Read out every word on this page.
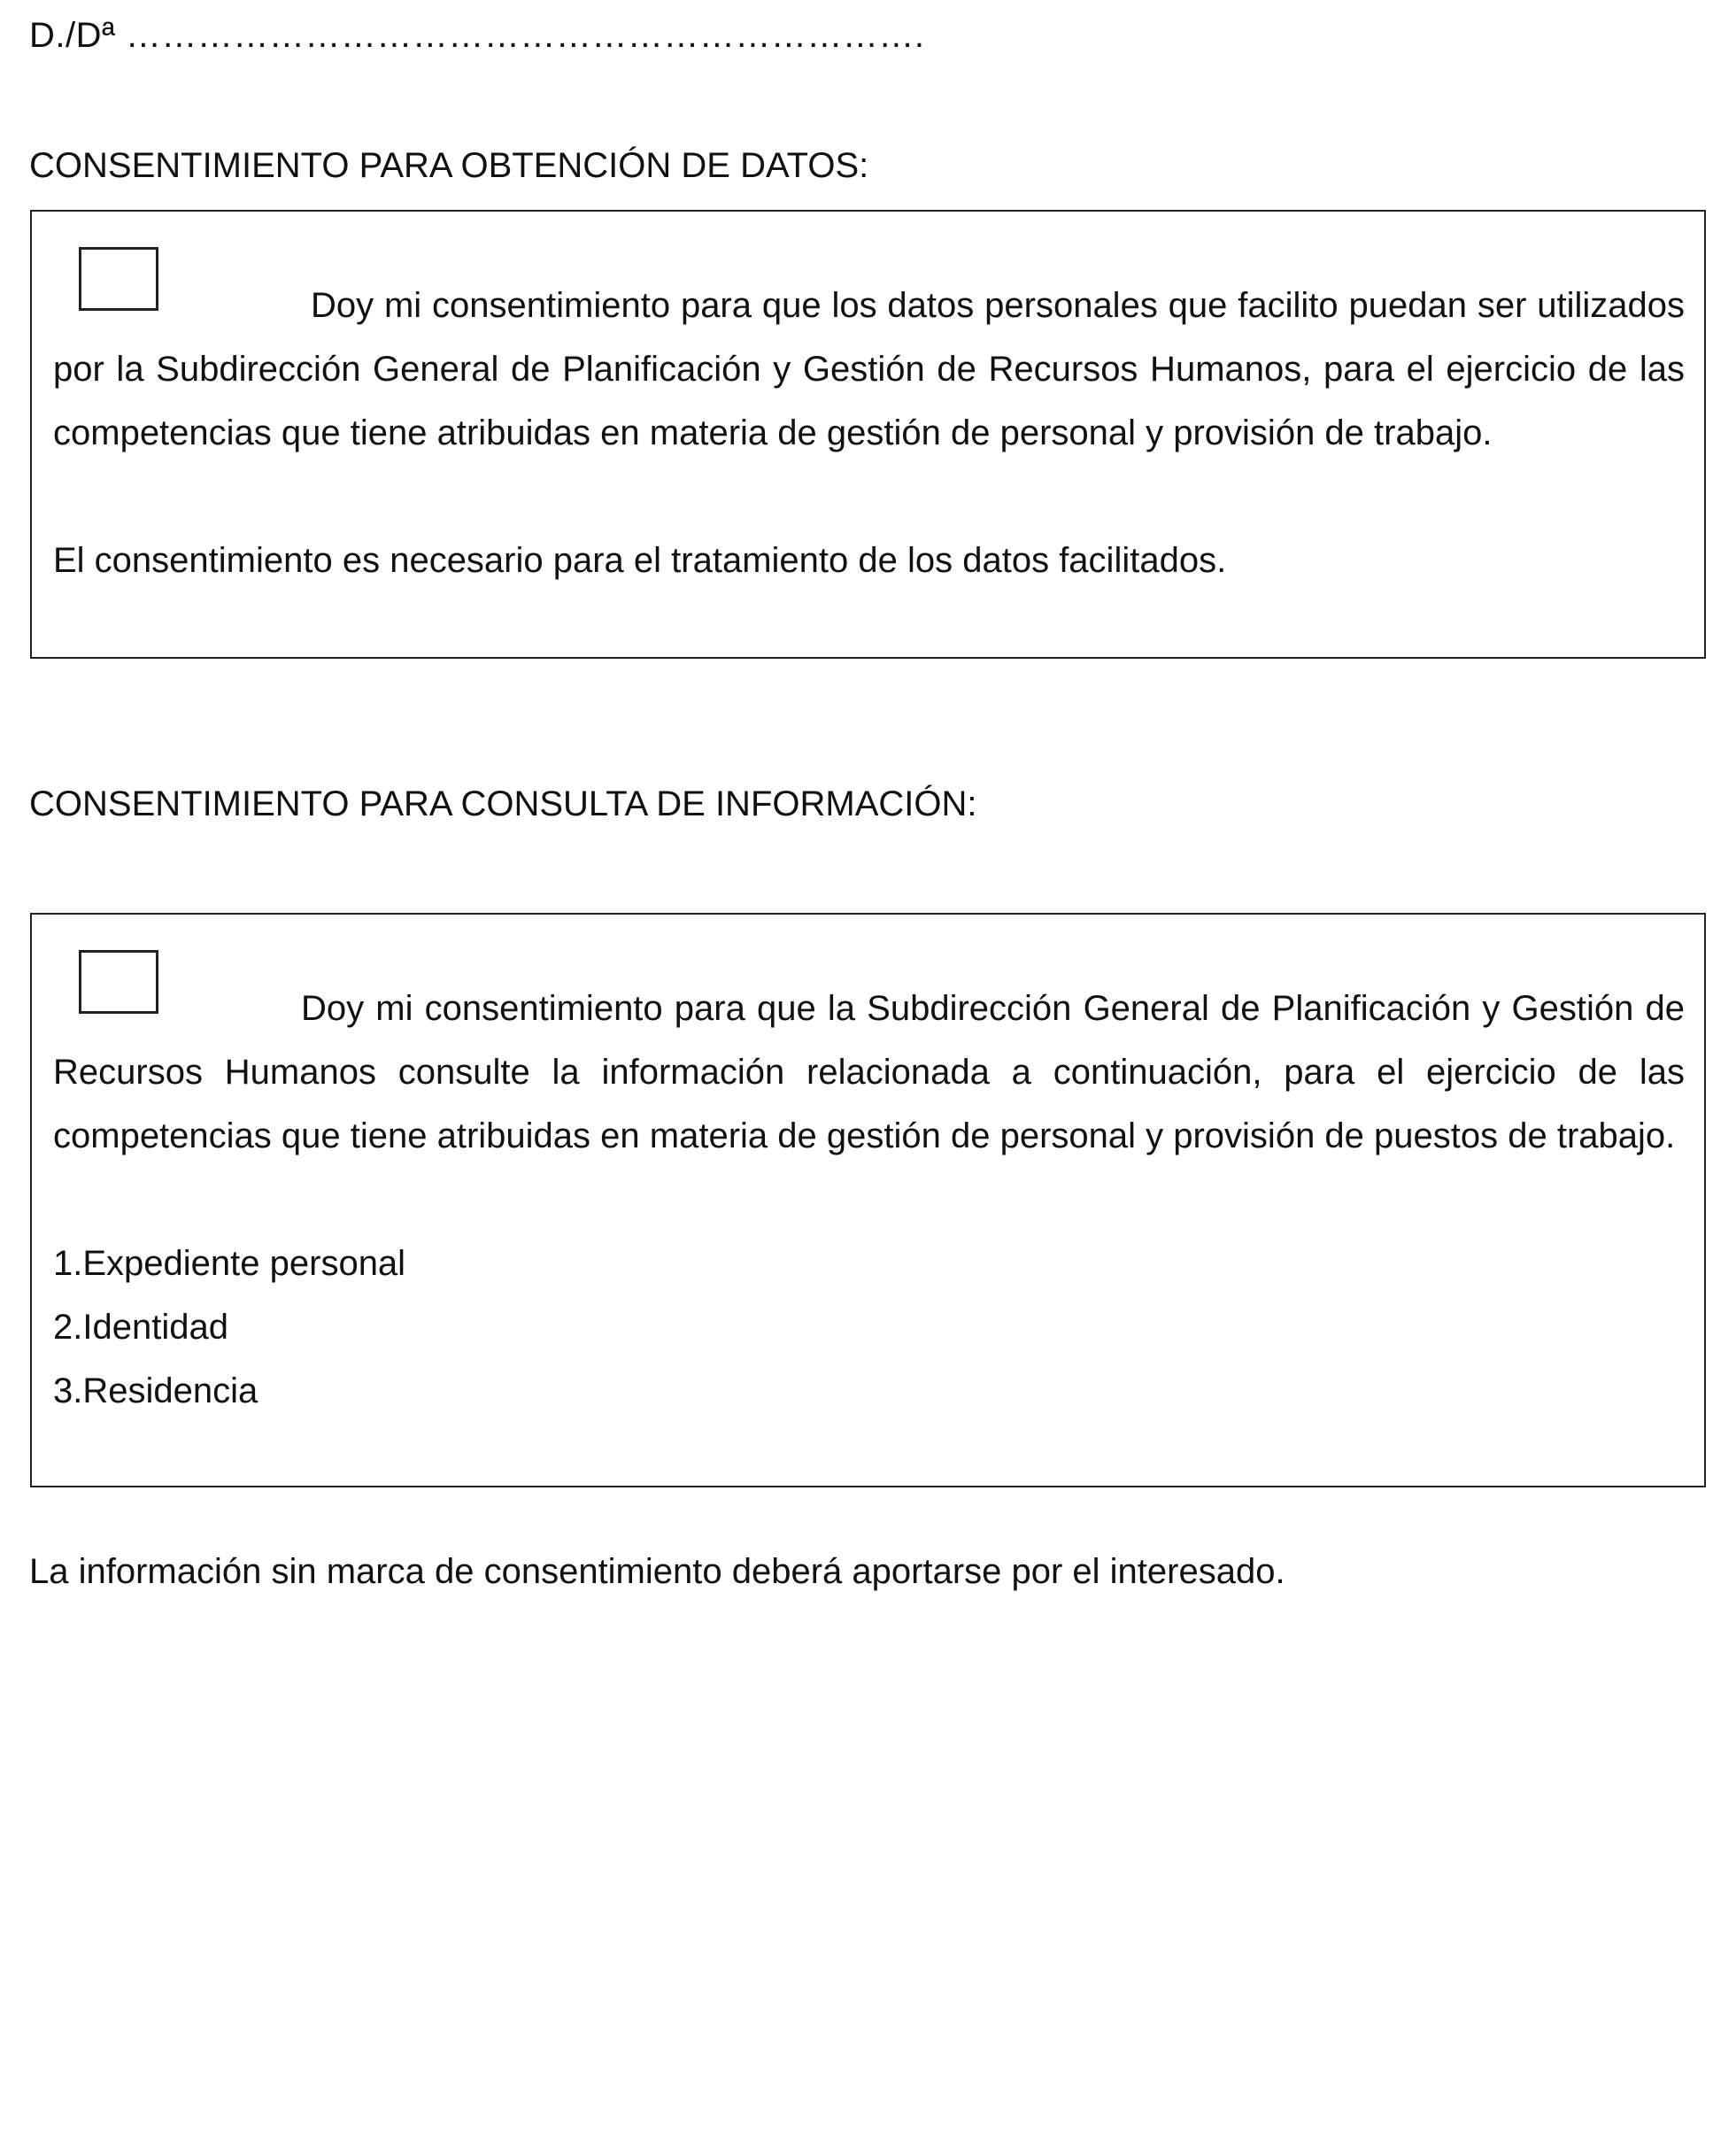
D./Dª ………………………………………………………….
CONSENTIMIENTO PARA OBTENCIÓN DE DATOS:

Doy mi consentimiento para que los datos personales que facilito puedan ser utilizados por la Subdirección General de Planificación y Gestión de Recursos Humanos, para el ejercicio de las competencias que tiene atribuidas en materia de gestión de personal y provisión de trabajo.

El consentimiento es necesario para el tratamiento de los datos facilitados.

CONSENTIMIENTO PARA CONSULTA DE INFORMACIÓN:

Doy mi consentimiento para que la Subdirección General de Planificación y Gestión de Recursos Humanos consulte la información relacionada a continuación, para el ejercicio de las competencias que tiene atribuidas en materia de gestión de personal y provisión de puestos de trabajo.

1.Expediente personal
2.Identidad
3.Residencia
La información sin marca de consentimiento deberá aportarse por el interesado.
